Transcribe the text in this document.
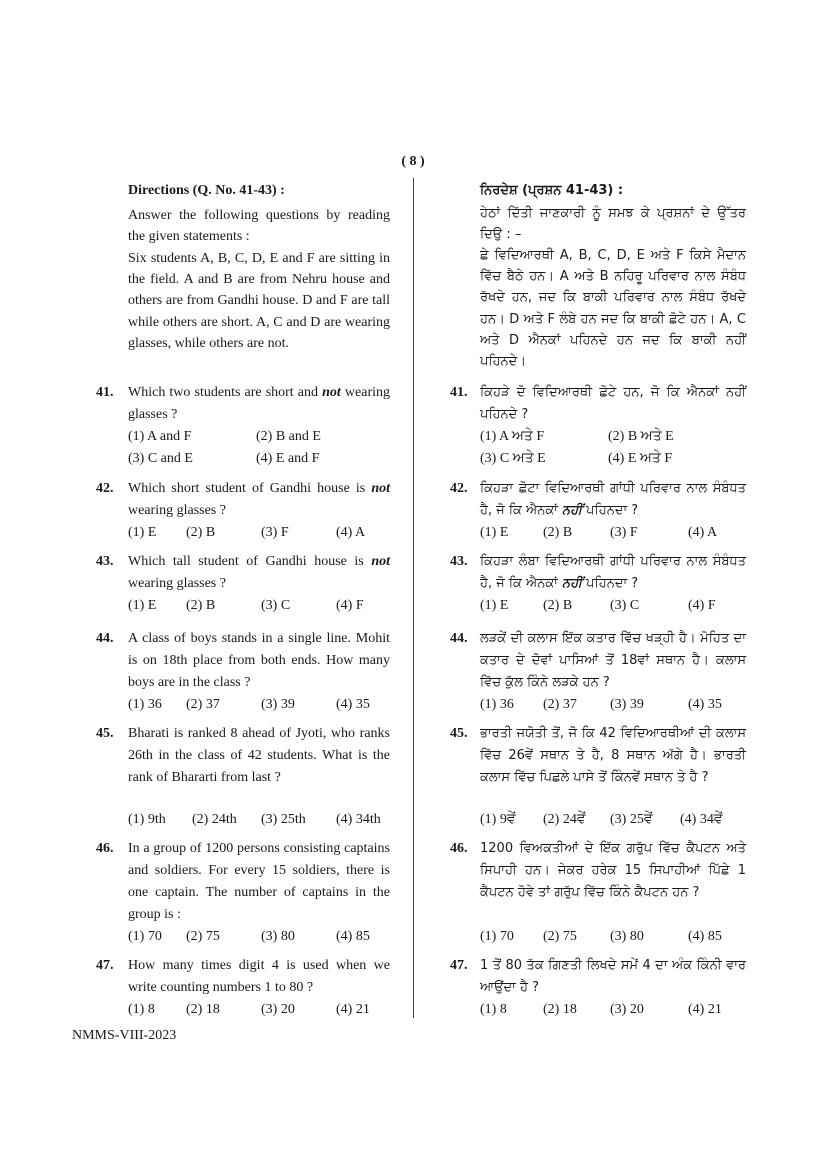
( 8 )
Directions (Q. No. 41-43) :
Answer the following questions by reading the given statements :
Six students A, B, C, D, E and F are sitting in the field. A and B are from Nehru house and others are from Gandhi house. D and F are tall while others are short. A, C and D are wearing glasses, while others are not.
41. Which two students are short and not wearing glasses ?
(1) A and F	(2) B and E
(3) C and E	(4) E and F
42. Which short student of Gandhi house is not wearing glasses ?
(1) E (2) B	(3) F	(4) A
43. Which tall student of Gandhi house is not wearing glasses ?
(1) E (2) B	(3) C	(4) F
44. A class of boys stands in a single line. Mohit is on 18th place from both ends. How many boys are in the class ?
(1) 36 (2) 37	(3) 39	(4) 35
45. Bharati is ranked 8 ahead of Jyoti, who ranks 26th in the class of 42 students. What is the rank of Bhararti from last ?
(1) 9th (2) 24th (3) 25th (4) 34th
46. In a group of 1200 persons consisting captains and soldiers. For every 15 soldiers, there is one captain. The number of captains in the group is :
(1) 70 (2) 75	(3) 80	(4) 85
47. How many times digit 4 is used when we write counting numbers 1 to 80 ?
(1) 8 (2) 18	(3) 20	(4) 21
ਨਿਰਦੇਸ਼ (ਪ੍ਰਸ਼ਨ 41-43) :
ਹੇਠਾਂ ਦਿੱਤੀ ਜਾਣਕਾਰੀ ਨੂੰ ਸਮਝ ਕੇ ਪ੍ਰਸ਼ਨਾਂ ਦੇ ਉੱਤਰ ਦਿਉ : –
ਛੇ ਵਿਦਿਆਰਥੀ A, B, C, D, E ਅਤੇ F ਕਿਸੇ ਮੈਦਾਨ ਵਿੱਚ ਬੈਠੇ ਹਨ। A ਅਤੇ B ਨਹਿਰੂ ਪਰਿਵਾਰ ਨਾਲ ਸੰਬੰਧ ਰੱਖਦੇ ਹਨ, ਜਦ ਕਿ ਬਾਕੀ ਪਰਿਵਾਰ ਨਾਲ ਸੰਬੰਧ ਰੱਖਦੇ ਹਨ। D ਅਤੇ F ਲੰਬੇ ਹਨ ਜਦ ਕਿ ਬਾਕੀ ਛੋਟੇ ਹਨ। A, C ਅਤੇ D ਐਨਕਾਂ ਪਹਿਨਦੇ ਹਨ ਜਦ ਕਿ ਬਾਕੀ ਨਹੀਂ ਪਹਿਨਦੇ।
41. ਕਿਹੜੇ ਦੋ ਵਿਦਿਆਰਥੀ ਛੋਟੇ ਹਨ, ਜੋ ਕਿ ਐਨਕਾਂ ਨਹੀਂ ਪਹਿਨਦੇ ?
(1) A ਅਤੇ F	(2) B ਅਤੇ E
(3) C ਅਤੇ E	(4) E ਅਤੇ F
42. ਕਿਹੜਾ ਛੋਟਾ ਵਿਦਿਆਰਥੀ ਗਾਂਧੀ ਪਰਿਵਾਰ ਨਾਲ ਸੰਬੰਧਤ ਹੈ, ਜੋ ਕਿ ਐਨਕਾਂ ਨਹੀਂ ਪਹਿਨਦਾ ?
(1) E (2) B	(3) F	(4) A
43. ਕਿਹੜਾ ਲੰਬਾ ਵਿਦਿਆਰਥੀ ਗਾਂਧੀ ਪਰਿਵਾਰ ਨਾਲ ਸੰਬੰਧਤ ਹੈ, ਜੋ ਕਿ ਐਨਕਾਂ ਨਹੀਂ ਪਹਿਨਦਾ ?
(1) E (2) B	(3) C	(4) F
44. ਲੜਕੇਂ ਦੀ ਕਲਾਸ ਇੱਕ ਕਤਾਰ ਵਿੱਚ ਖੜ੍ਹੀ ਹੈ। ਮੋਹਿਤ ਦਾ ਕਤਾਰ ਦੇ ਦੋਵਾਂ ਪਾਸਿਆਂ ਤੋਂ 18ਵਾਂ ਸਥਾਨ ਹੈ। ਕਲਾਸ ਵਿੱਚ ਕੁੱਲ ਕਿੰਨੇ ਲੜਕੇ ਹਨ ?
(1) 36 (2) 37 (3) 39	(4) 35
45. ਭਾਰਤੀ ਜਯੋਤੀ ਤੋਂ, ਜੋ ਕਿ 42 ਵਿਦਿਆਰਥੀਆਂ ਦੀ ਕਲਾਸ ਵਿੱਚ 26ਵੇਂ ਸਥਾਨ ਤੇ ਹੈ, 8 ਸਥਾਨ ਅੱਗੇ ਹੈ। ਭਾਰਤੀ ਕਲਾਸ ਵਿੱਚ ਪਿਛਲੇ ਪਾਸੇ ਤੋਂ ਕਿੰਨਵੇਂ ਸਥਾਨ ਤੇ ਹੈ ?
(1) 9ਵੇਂ (2) 24ਵੇਂ (3) 25ਵੇਂ (4) 34ਵੇਂ
46. 1200 ਵਿਅਕਤੀਆਂ ਦੇ ਇੱਕ ਗਰੁੱਪ ਵਿੱਚ ਕੈਪਟਨ ਅਤੇ ਸਿਪਾਹੀ ਹਨ। ਜੇਕਰ ਹਰੇਕ 15 ਸਿਪਾਹੀਆਂ ਪਿੱਛੇ 1 ਕੈਪਟਨ ਹੋਵੇ ਤਾਂ ਗਰੁੱਪ ਵਿੱਚ ਕਿੰਨੇ ਕੈਪਟਨ ਹਨ ?
(1) 70 (2) 75 (3) 80	(4) 85
47. 1 ਤੋਂ 80 ਤੱਕ ਗਿਣਤੀ ਲਿਖਦੇ ਸਮੇਂ 4 ਦਾ ਅੰਕ ਕਿੰਨੀ ਵਾਰ ਆਉਂਦਾ ਹੈ ?
(1) 8	(2) 18 (3) 20	(4) 21
NMMS-VIII-2023
